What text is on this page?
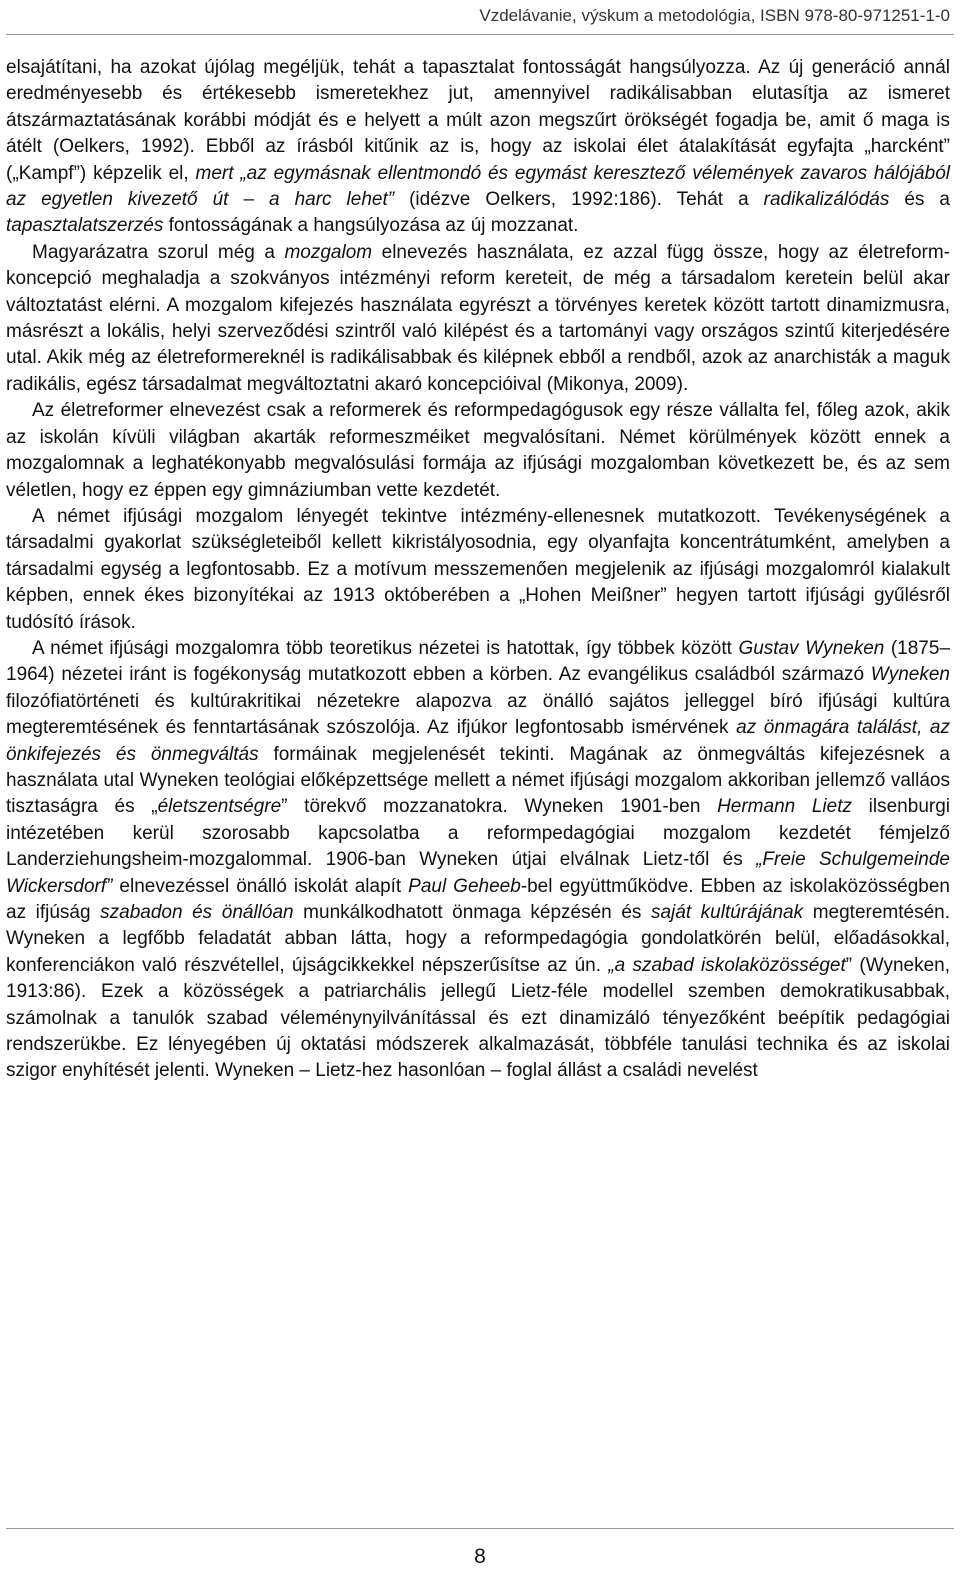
Vzdelávanie, výskum a metodológia, ISBN 978-80-971251-1-0

elsajátítani, ha azokat újólag megéljük, tehát a tapasztalat fontosságát hangsúlyozza. Az új generáció annál eredményesebb és értékesebb ismeretekhez jut, amennyivel radikálisabban elutasítja az ismeret átszármaztatásának korábbi módját és e helyett a múlt azon megszűrt örökségét fogadja be, amit ő maga is átélt (Oelkers, 1992). Ebből az írásból kitűnik az is, hogy az iskolai élet átalakítását egyfajta „harcként” („Kampf”) képzelik el, mert „az egymásnak ellentmondó és egymást keresztező vélemények zavaros hálójából az egyetlen kivezető út – a harc lehet” (idézve Oelkers, 1992:186). Tehát a radikalizálódás és a tapasztalatszerzés fontosságának a hangsúlyozása az új mozzanat.

Magyarázatra szorul még a mozgalom elnevezés használata, ez azzal függ össze, hogy az életreform-koncepció meghaladja a szokványos intézményi reform kereteit, de még a társadalom keretein belül akar változtatást elérni. A mozgalom kifejezés használata egyrészt a törvényes keretek között tartott dinamizmusra, másrészt a lokális, helyi szerveződési szintről való kilépést és a tartományi vagy országos szintű kiterjedésére utal. Akik még az életreformereknél is radikálisabbak és kilépnek ebből a rendből, azok az anarchisták a maguk radikális, egész társadalmat megváltoztatni akaró koncepcióival (Mikonya, 2009).

Az életreformer elnevezést csak a reformerek és reformpedagógusok egy része vállalta fel, főleg azok, akik az iskolán kívüli világban akarták reformeszméiket megvalósítani. Német körülmények között ennek a mozgalomnak a leghatékonyabb megvalósulási formája az ifjúsági mozgalomban következett be, és az sem véletlen, hogy ez éppen egy gimnáziumban vette kezdetét.

A német ifjúsági mozgalom lényegét tekintve intézmény-ellenesnek mutatkozott. Tevékenységének a társadalmi gyakorlat szükségleteiből kellett kikristályosodnia, egy olyanfajta koncentrátumként, amelyben a társadalmi egység a legfontosabb. Ez a motívum messzemenően megjelenik az ifjúsági mozgalomról kialakult képben, ennek ékes bizonyítékai az 1913 októberében a „Hohen Meißner” hegyen tartott ifjúsági gyűlésről tudósító írások.

A német ifjúsági mozgalomra több teoretikus nézetei is hatottak, így többek között Gustav Wyneken (1875–1964) nézetei iránt is fogékonyság mutatkozott ebben a körben. Az evangélikus családból származó Wyneken filozófiatörténeti és kultúrakritikai nézetekre alapozva az önálló sajátos jelleggel bíró ifjúsági kultúra megteremtésének és fenntartásának szószolója. Az ifjúkor legfontosabb ismérvének az önmagára találást, az önkifejezés és önmegváltás formáinak megjelenését tekinti. Magának az önmegváltás kifejezésnek a használata utal Wyneken teológiai előképzettsége mellett a német ifjúsági mozgalom akkoriban jellemző valláos tisztaságra és „életszentségre” törekvő mozzanatokra. Wyneken 1901-ben Hermann Lietz ilsenburgi intézetében kerül szorosabb kapcsolatba a reformpedagógiai mozgalom kezdetét fémjelző Landerziehungsheim-mozgalommal. 1906-ban Wyneken útjai elválnak Lietz-től és „Freie Schulgemeinde Wickersdorf” elnevezéssel önálló iskolát alapít Paul Geheeb-bel együttműködve. Ebben az iskolaközösségben az ifjúság szabadon és önállóan munkálkodhatott önmaga képzésén és saját kultúrájának megteremtésén. Wyneken a legfőbb feladatát abban látta, hogy a reformpedagógia gondolatkörén belül, előadásokkal, konferenciákon való részvétellel, újságcikkekkel népszerűsítse az ún. „a szabad iskolaközösséget” (Wyneken, 1913:86). Ezek a közösségek a patriarchális jellegű Lietz-féle modellel szemben demokratikusabbak, számolnak a tanulók szabad véleménynyilvánítással és ezt dinamizáló tényezőként beépítik pedagógiai rendszerükbe. Ez lényegében új oktatási módszerek alkalmazását, többféle tanulási technika és az iskolai szigor enyhítését jelenti. Wyneken – Lietz-hez hasonlóan – foglal állást a családi nevelést

8
